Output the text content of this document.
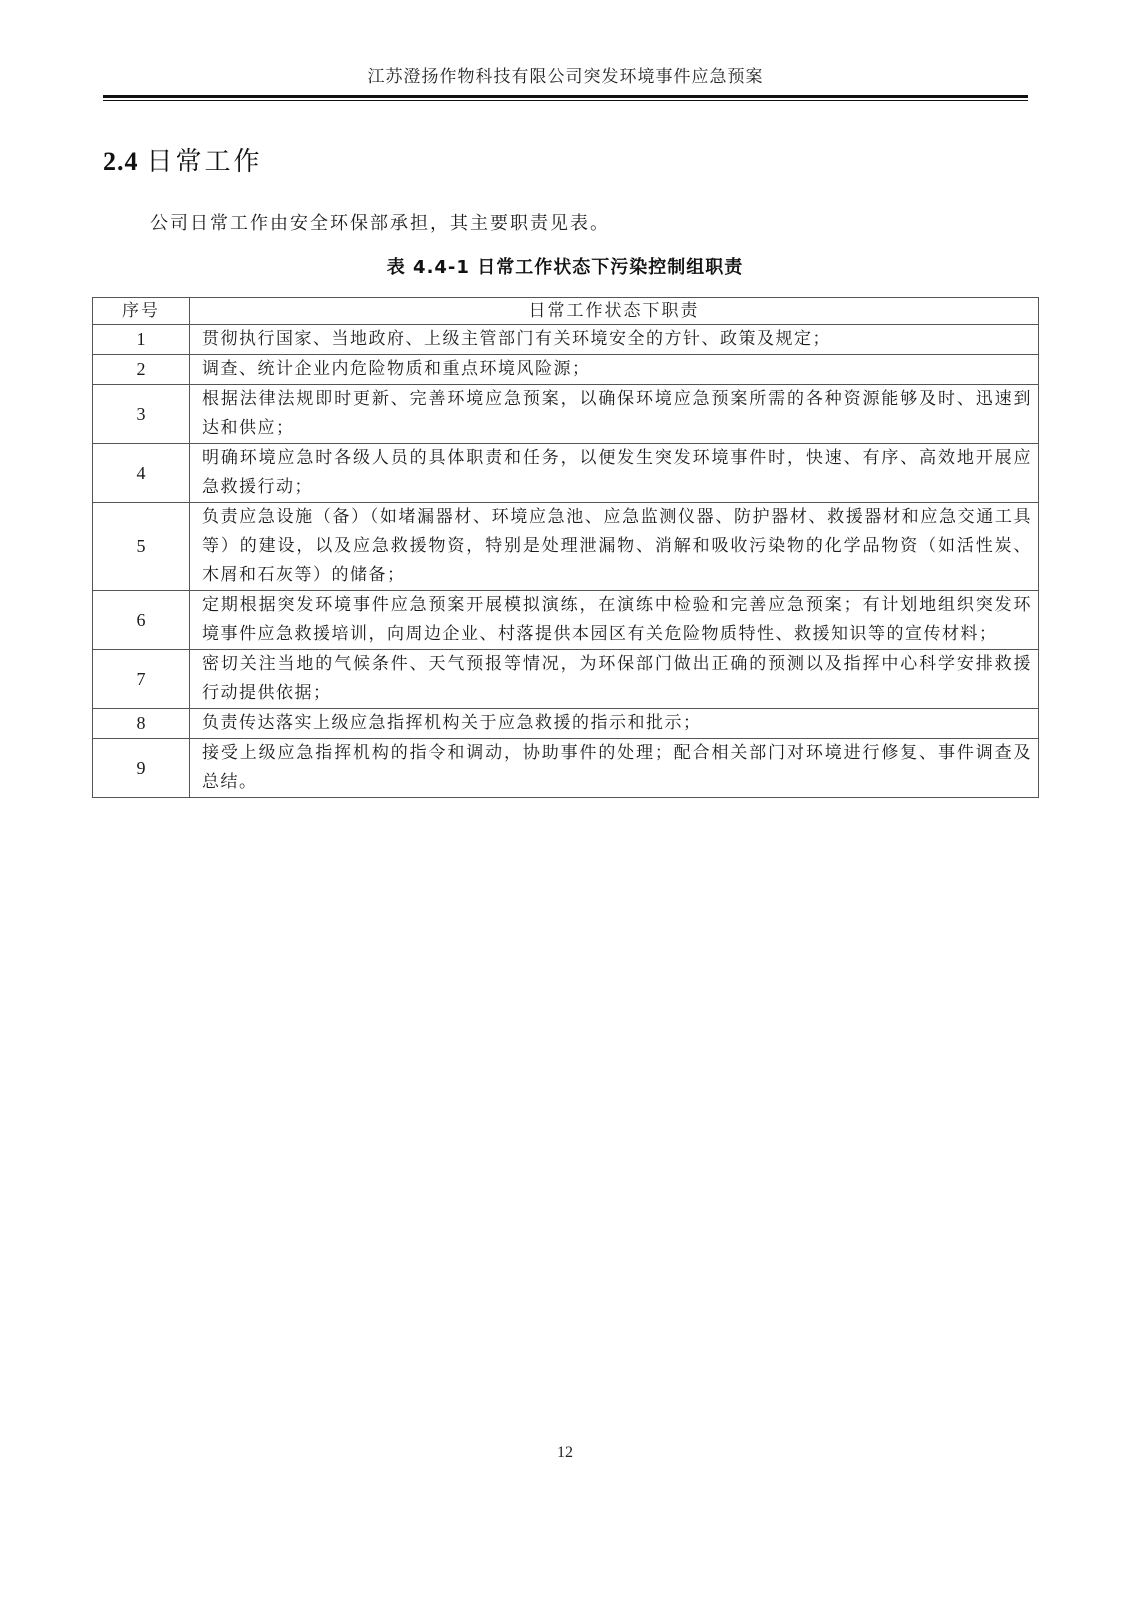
江苏澄扬作物科技有限公司突发环境事件应急预案
2.4 日常工作

公司日常工作由安全环保部承担，其主要职责见表。

表 4.4-1 日常工作状态下污染控制组职责
序号	日常工作状态下职责
1	贯彻执行国家、当地政府、上级主管部门有关环境安全的方针、政策及规定；
2	调查、统计企业内危险物质和重点环境风险源；
3	根据法律法规即时更新、完善环境应急预案，以确保环境应急预案所需的各种资源能够及时、迅速到达和供应；
4	明确环境应急时各级人员的具体职责和任务，以便发生突发环境事件时，快速、有序、高效地开展应急救援行动；
5	负责应急设施（备）（如堵漏器材、环境应急池、应急监测仪器、防护器材、救援器材和应急交通工具等）的建设，以及应急救援物资，特别是处理泄漏物、消解和吸收污染物的化学品物资（如活性炭、木屑和石灰等）的储备；
6	定期根据突发环境事件应急预案开展模拟演练，在演练中检验和完善应急预案；有计划地组织突发环境事件应急救援培训，向周边企业、村落提供本园区有关危险物质特性、救援知识等的宣传材料；
7	密切关注当地的气候条件、天气预报等情况，为环保部门做出正确的预测以及指挥中心科学安排救援行动提供依据；
8	负责传达落实上级应急指挥机构关于应急救援的指示和批示；
9	接受上级应急指挥机构的指令和调动，协助事件的处理；配合相关部门对环境进行修复、事件调查及总结。
12
